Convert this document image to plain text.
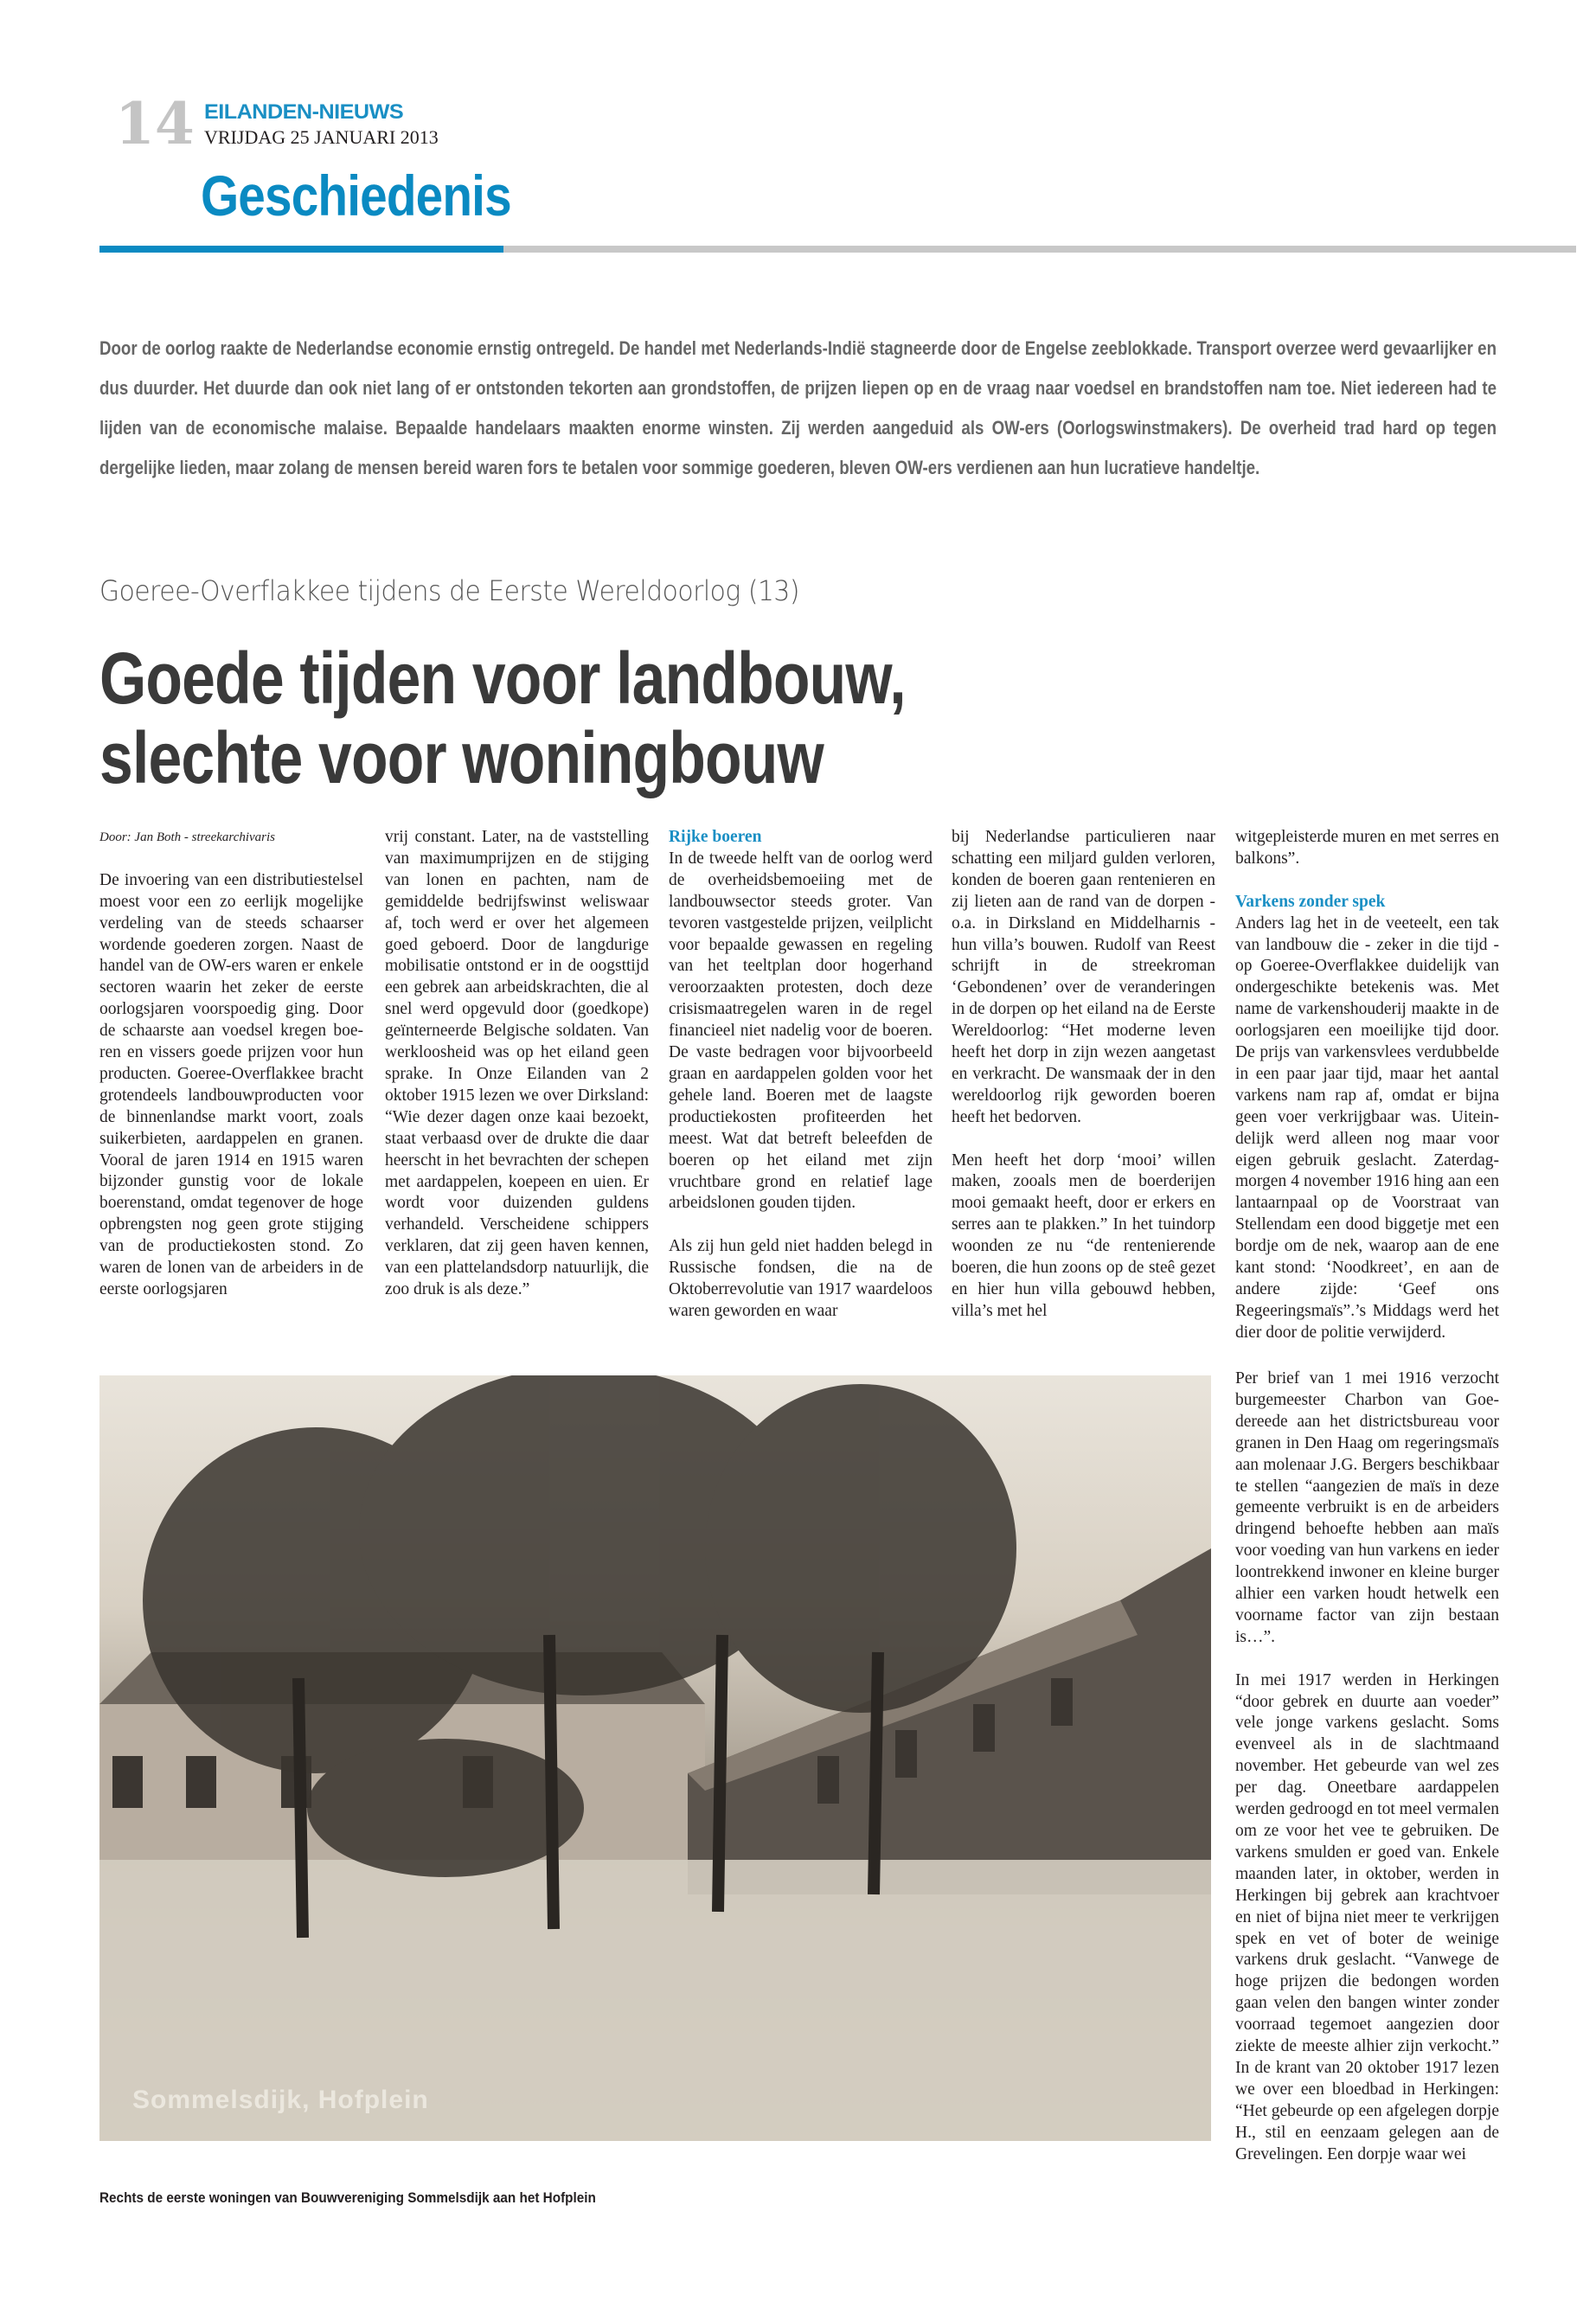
14 EILANDEN-NIEUWS
VRIJDAG 25 JANUARI 2013
Geschiedenis
Door de oorlog raakte de Nederlandse economie ernstig ontregeld. De handel met Nederlands-Indië stagneerde door de Engelse zeeblokkade. Transport overzee werd gevaarlijker en dus duurder. Het duurde dan ook niet lang of er ontstonden tekorten aan grondstoffen, de prijzen liepen op en de vraag naar voedsel en brandstoffen nam toe. Niet iedereen had te lijden van de economische malaise. Bepaalde handelaars maakten enorme winsten. Zij werden aangeduid als OW-ers (Oorlogswinstmakers). De overheid trad hard op tegen dergelijke lieden, maar zolang de mensen bereid waren fors te betalen voor sommige goederen, bleven OW-ers verdienen aan hun lucratieve handeltje.
Goeree-Overflakkee tijdens de Eerste Wereldoorlog (13)
Goede tijden voor landbouw,
slechte voor woningbouw

Door: Jan Both - streekarchivaris

De invoering van een distributiestelsel moest voor een zo eerlijk mogelijke verdeling van de steeds schaarser wordende goederen zorgen. Naast de handel van de OW-ers waren er enkele sectoren waarin het zeker de eerste oorlogsjaren voorspoedig ging. Door de schaarste aan voedsel kregen boeren en vissers goede prijzen voor hun producten. Goeree-Overflakkee bracht grotendeels landbouwproducten voor de binnenlandse markt voort, zoals suikerbieten, aardappelen en granen. Vooral de jaren 1914 en 1915 waren bijzonder gunstig voor de lokale boerenstand, omdat tegenover de hoge opbrengsten nog geen grote stijging van de productiekosten stond. Zo waren de lonen van de arbeiders in de eerste oorlogsjaren

vrij constant. Later, na de vaststelling van maximumprijzen en de stijging van lonen en pachten, nam de gemiddelde bedrijfswinst weliswaar af, toch werd er over het algemeen goed geboerd. Door de langdurige mobilisatie ontstond er in de oogsttijd een gebrek aan arbeidskrachten, die al snel werd opgevuld door (goedkope) geïnterneerde Belgische soldaten. Van werkloosheid was op het eiland geen sprake. In Onze Eilanden van 2 oktober 1915 lezen we over Dirksland: “Wie dezer dagen onze kaai bezoekt, staat verbaasd over de drukte die daar heerscht in het bevrachten der schepen met aardappelen, koepeen en uien. Er wordt voor duizenden guldens verhandeld. Verscheidene schippers verklaren, dat zij geen haven kennen, van een plattelandsdorp natuurlijk, die zoo druk is als deze.”

Rijke boeren

In de tweede helft van de oorlog werd de overheidsbemoeiing met de landbouwsector steeds groter. Van tevoren vastgestelde prijzen, veilplicht voor bepaalde gewassen en regeling van het teeltplan door hogerhand veroorzaakten protesten, doch deze crisismaatregelen waren in de regel financieel niet nadelig voor de boeren. De vaste bedragen voor bijvoorbeeld graan en aardappelen golden voor het gehele land. Boeren met de laagste productiekosten profiteerden het meest. Wat dat betreft beleefden de boeren op het eiland met zijn vruchtbare grond en relatief lage arbeidslonen gouden tijden.

Als zij hun geld niet hadden belegd in Russische fondsen, die na de Oktoberrevolutie van 1917 waardeloos waren geworden en waar

bij Nederlandse particulieren naar schatting een miljard gulden verloren, konden de boeren gaan rentenieren en zij lieten aan de rand van de dorpen - o.a. in Dirksland en Middelharnis - hun villa’s bouwen. Rudolf van Reest schrijft in de streekroman ‘Gebondenen’ over de veranderingen in de dorpen op het eiland na de Eerste Wereldoorlog: “Het moderne leven heeft het dorp in zijn wezen aangetast en verkracht. De wansmaak der in den wereldoorlog rijk geworden boeren heeft het bedorven.

Men heeft het dorp ‘mooi’ willen maken, zooals men de boerderijen mooi gemaakt heeft, door er erkers en serres aan te plakken.” In het tuindorp woonden ze nu “de rentenierende boeren, die hun zoons op de steê gezet en hier hun villa gebouwd hebben, villa’s met hel

witgepleisterde muren en met serres en balkons”.

Varkens zonder spek

Anders lag het in de veeteelt, een tak van landbouw die - zeker in die tijd - op Goeree-Overflakkee duidelijk van ondergeschikte betekenis was. Met name de varkenshouderij maakte in de oorlogsjaren een moeilijke tijd door. De prijs van varkensvlees verdubbelde in een paar jaar tijd, maar het aantal varkens nam rap af, omdat er bijna geen voer verkrijgbaar was. Uiteindelijk werd alleen nog maar voor eigen gebruik geslacht. Zaterdagmorgen 4 november 1916 hing aan een lantaarnpaal op de Voorstraat van Stellendam een dood biggetje met een bordje om de nek, waarop aan de ene kant stond: ‘Noodkreet’, en aan de andere zijde: ‘Geef ons Regeeringsmaïs”.’s Middags werd het dier door de politie verwijderd.

Per brief van 1 mei 1916 verzocht burgemeester Charbon van Goedereede aan het districtsbureau voor granen in Den Haag om regeringsmaïs aan molenaar J.G. Bergers beschikbaar te stellen “aangezien de maïs in deze gemeente verbruikt is en de arbeiders dringend behoefte hebben aan maïs voor voeding van hun varkens en ieder loontrekkend inwoner en kleine burger alhier een varken houdt hetwelk een voorname factor van zijn bestaan is…”.

In mei 1917 werden in Herkingen “door gebrek en duurte aan voeder” vele jonge varkens geslacht. Soms evenveel als in de slachtmaand november. Het gebeurde van wel zes per dag. Oneetbare aardappelen werden gedroogd en tot meel vermalen om ze voor het vee te gebruiken. De varkens smulden er goed van. Enkele maanden later, in oktober, werden in Herkingen bij gebrek aan krachtvoer en niet of bijna niet meer te verkrijgen spek en vet of boter de weinige varkens druk geslacht. “Vanwege de hoge prijzen die bedongen worden gaan velen den bangen winter zonder voorraad tegemoet aangezien door ziekte de meeste alhier zijn verkocht.” In de krant van 20 oktober 1917 lezen we over een bloedbad in Herkingen: “Het gebeurde op een afgelegen dorpje H., stil en eenzaam gelegen aan de Grevelingen. Een dorpje waar wei

Sommelsdijk, Hofplein
Rechts de eerste woningen van Bouwvereniging Sommelsdijk aan het Hofplein
